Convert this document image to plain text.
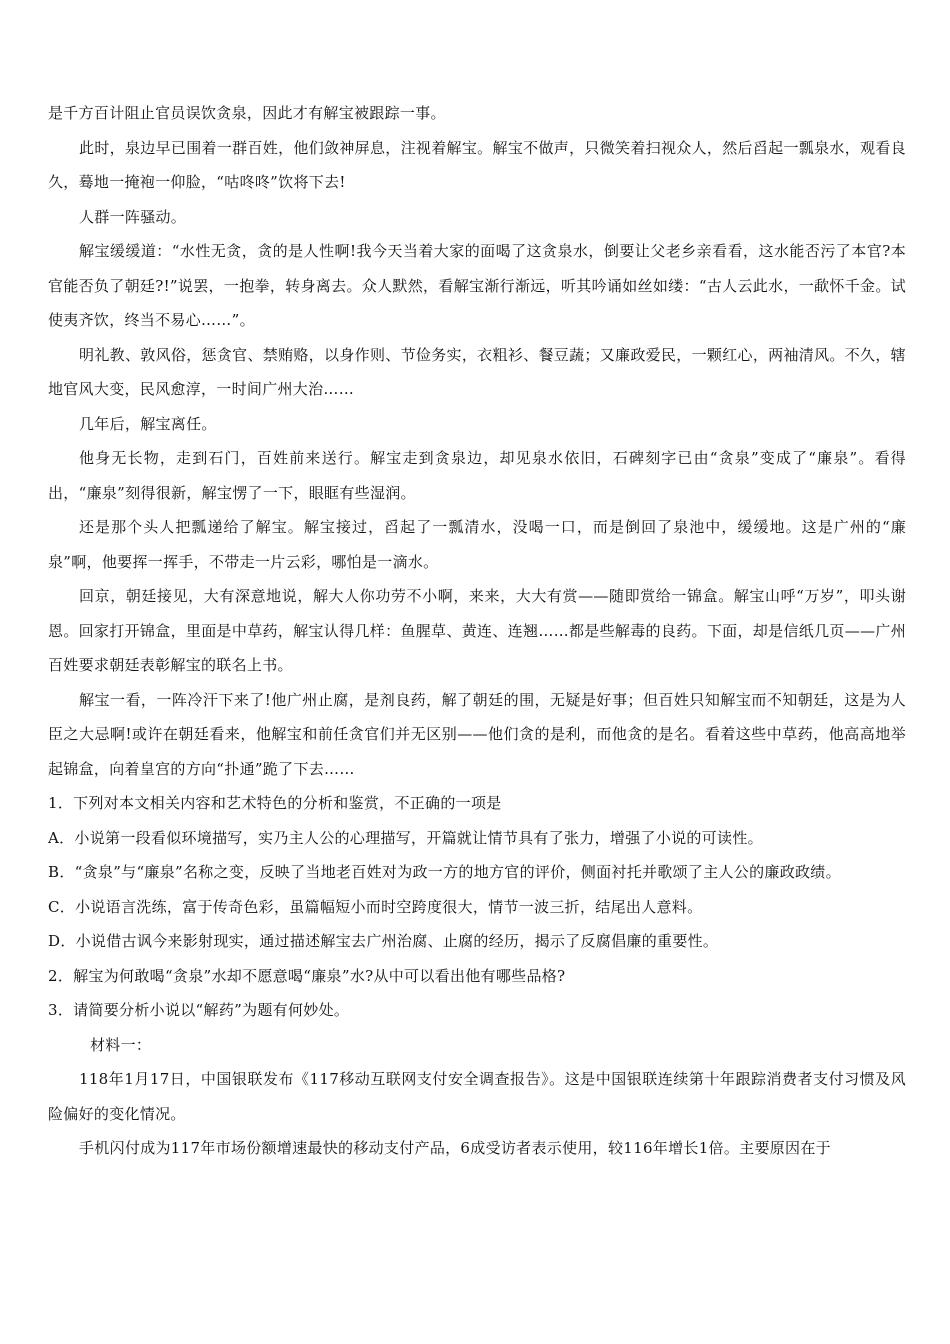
是千方百计阻止官员误饮贪泉，因此才有解宝被跟踪一事。

此时，泉边早已围着一群百姓，他们敛神屏息，注视着解宝。解宝不做声，只微笑着扫视众人，然后舀起一瓢泉水，观看良久，蓦地一掩袍一仰脸，“咕咚咚”饮将下去!

人群一阵骚动。

解宝缓缓道：“水性无贪，贪的是人性啊!我今天当着大家的面喝了这贪泉水，倒要让父老乡亲看看，这水能否污了本官?本官能否负了朝廷?!”说罢，一抱拳，转身离去。众人默然，看解宝渐行渐远，听其吟诵如丝如缕：“古人云此水，一歃怀千金。试使夷齐饮，终当不易心……”。

明礼教、敦风俗，惩贪官、禁贿赂，以身作则、节俭务实，衣粗衫、餐豆蔬；又廉政爱民，一颗红心，两袖清风。不久，辖地官风大变，民风愈淳，一时间广州大治……

几年后，解宝离任。

他身无长物，走到石门，百姓前来送行。解宝走到贪泉边，却见泉水依旧，石碑刻字已由“贪泉”变成了“廉泉”。看得出，“廉泉”刻得很新，解宝愣了一下，眼眶有些湿润。

还是那个头人把瓢递给了解宝。解宝接过，舀起了一瓢清水，没喝一口，而是倒回了泉池中，缓缓地。这是广州的“廉泉”啊，他要挥一挥手，不带走一片云彩，哪怕是一滴水。

回京，朝廷接见，大有深意地说，解大人你功劳不小啊，来来，大大有赏——随即赏给一锦盒。解宝山呼“万岁”，叩头谢恩。回家打开锦盒，里面是中草药，解宝认得几样：鱼腥草、黄连、连翘……都是些解毒的良药。下面，却是信纸几页——广州百姓要求朝廷表彰解宝的联名上书。

解宝一看，一阵冷汗下来了!他广州止腐，是剂良药，解了朝廷的围，无疑是好事；但百姓只知解宝而不知朝廷，这是为人臣之大忌啊!或许在朝廷看来，他解宝和前任贪官们并无区别——他们贪的是利，而他贪的是名。看着这些中草药，他高高地举起锦盒，向着皇宫的方向“扑通”跪了下去……

1．下列对本文相关内容和艺术特色的分析和鉴赏，不正确的一项是

A．小说第一段看似环境描写，实乃主人公的心理描写，开篇就让情节具有了张力，增强了小说的可读性。

B．“贪泉”与“廉泉”名称之变，反映了当地老百姓对为政一方的地方官的评价，侧面衬托并歌颂了主人公的廉政政绩。

C．小说语言洗练，富于传奇色彩，虽篇幅短小而时空跨度很大，情节一波三折，结尾出人意料。

D．小说借古讽今来影射现实，通过描述解宝去广州治腐、止腐的经历，揭示了反腐倡廉的重要性。

2．解宝为何敢喝“贪泉”水却不愿意喝“廉泉”水?从中可以看出他有哪些品格?

3．请简要分析小说以“解药”为题有何妙处。

材料一：

118年1月17日，中国银联发布《117移动互联网支付安全调查报告》。这是中国银联连续第十年跟踪消费者支付习惯及风险偏好的变化情况。

手机闪付成为117年市场份额增速最快的移动支付产品，6成受访者表示使用，较116年增长1倍。主要原因在于
